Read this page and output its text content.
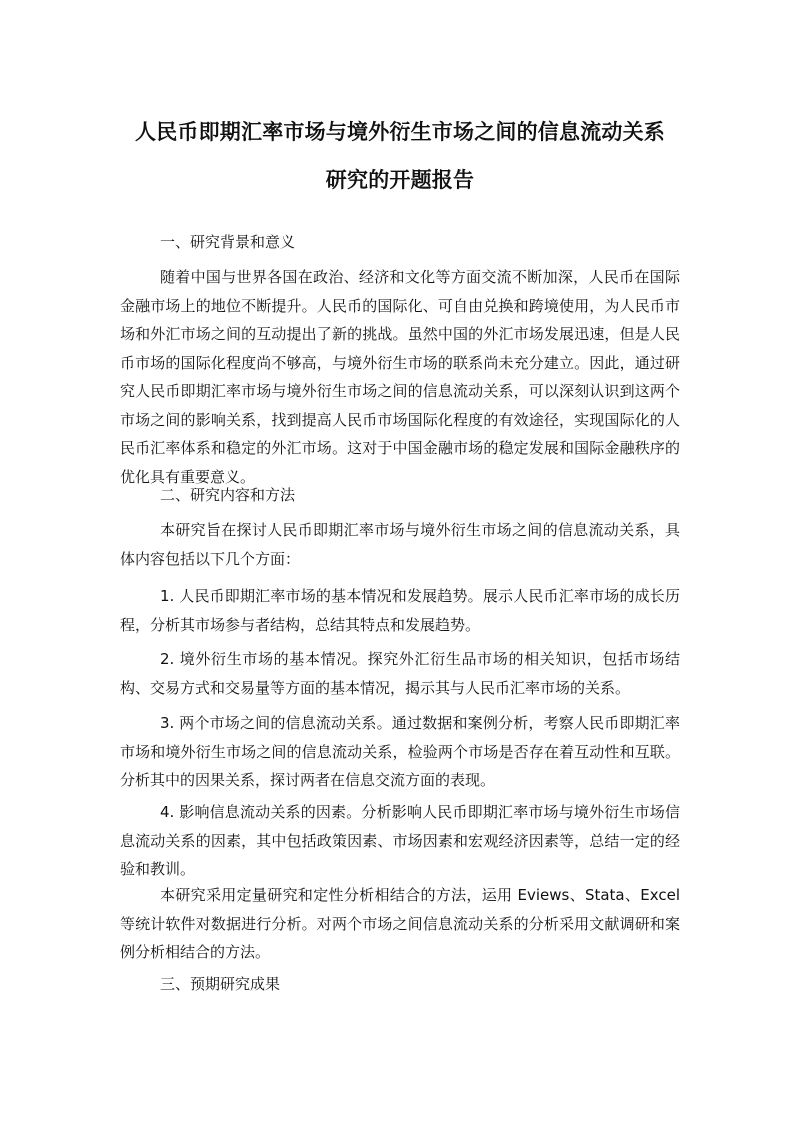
人民币即期汇率市场与境外衍生市场之间的信息流动关系
研究的开题报告
一、研究背景和意义
随着中国与世界各国在政治、经济和文化等方面交流不断加深，人民币在国际金融市场上的地位不断提升。人民币的国际化、可自由兑换和跨境使用，为人民币市场和外汇市场之间的互动提出了新的挑战。虽然中国的外汇市场发展迅速，但是人民币市场的国际化程度尚不够高，与境外衍生市场的联系尚未充分建立。因此，通过研究人民币即期汇率市场与境外衍生市场之间的信息流动关系，可以深刻认识到这两个市场之间的影响关系，找到提高人民币市场国际化程度的有效途径，实现国际化的人民币汇率体系和稳定的外汇市场。这对于中国金融市场的稳定发展和国际金融秩序的优化具有重要意义。
二、研究内容和方法
本研究旨在探讨人民币即期汇率市场与境外衍生市场之间的信息流动关系，具体内容包括以下几个方面：
1. 人民币即期汇率市场的基本情况和发展趋势。展示人民币汇率市场的成长历程，分析其市场参与者结构，总结其特点和发展趋势。
2. 境外衍生市场的基本情况。探究外汇衍生品市场的相关知识，包括市场结构、交易方式和交易量等方面的基本情况，揭示其与人民币汇率市场的关系。
3. 两个市场之间的信息流动关系。通过数据和案例分析，考察人民币即期汇率市场和境外衍生市场之间的信息流动关系，检验两个市场是否存在着互动性和互联。分析其中的因果关系，探讨两者在信息交流方面的表现。
4. 影响信息流动关系的因素。分析影响人民币即期汇率市场与境外衍生市场信息流动关系的因素，其中包括政策因素、市场因素和宏观经济因素等，总结一定的经验和教训。
本研究采用定量研究和定性分析相结合的方法，运用 Eviews、Stata、Excel 等统计软件对数据进行分析。对两个市场之间信息流动关系的分析采用文献调研和案例分析相结合的方法。
三、预期研究成果
